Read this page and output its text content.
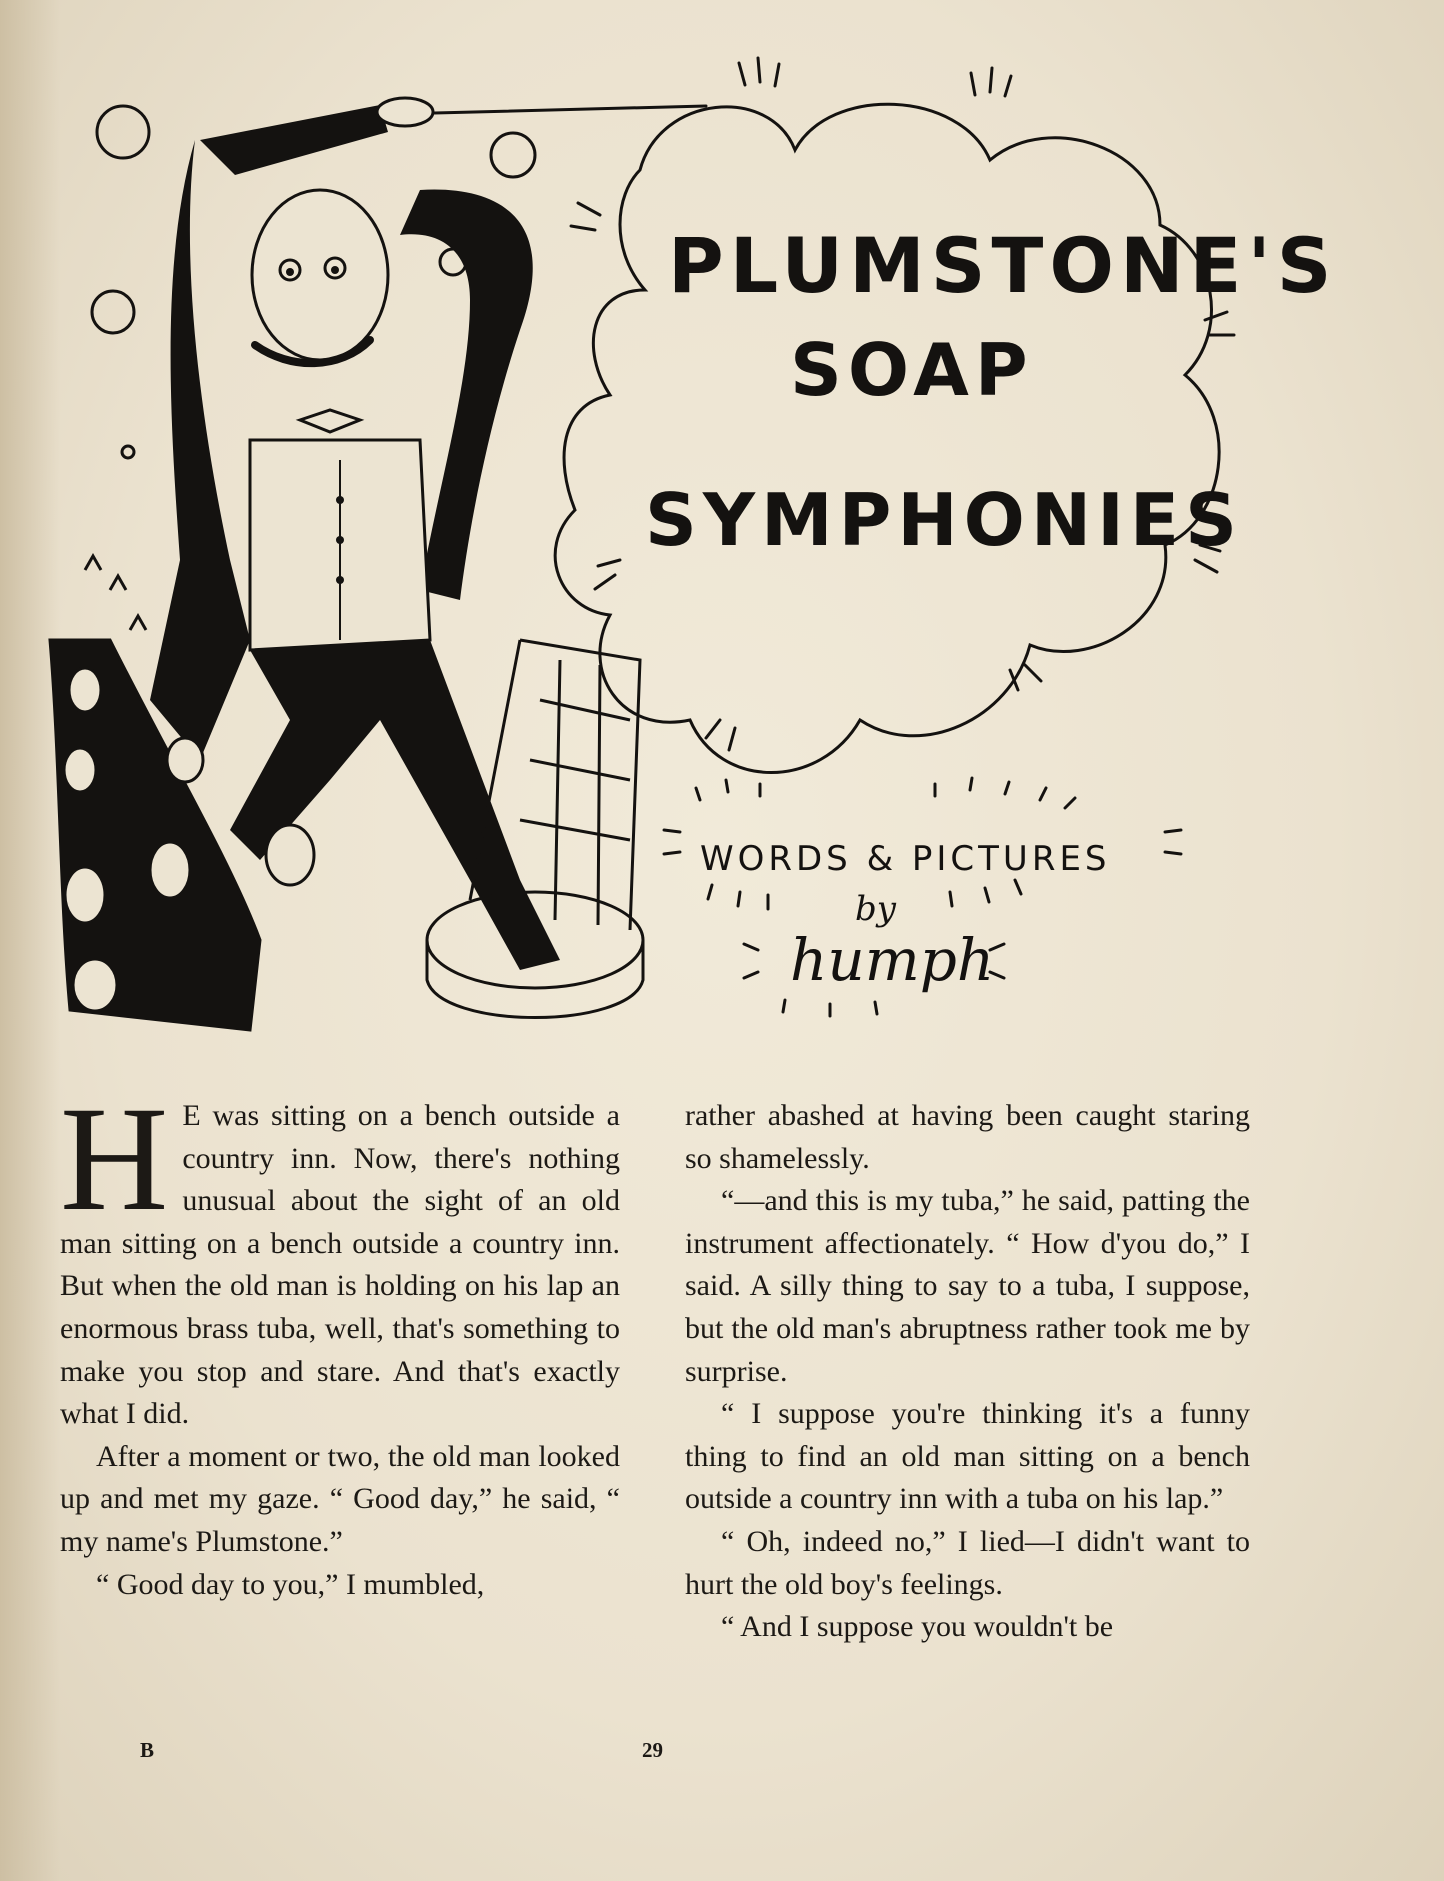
PLUMSTONE'S
SOAP
SYMPHONIES
WORDS & PICTURES
by
humph
H E was sitting on a bench outside a country inn. Now, there's nothing unusual about the sight of an old man sitting on a bench outside a country inn. But when the old man is holding on his lap an enormous brass tuba, well, that's something to make you stop and stare. And that's exactly what I did.

After a moment or two, the old man looked up and met my gaze. “ Good day,” he said, “ my name's Plumstone.”

“ Good day to you,” I mumbled,

rather abashed at having been caught staring so shamelessly.

“—and this is my tuba,” he said, patting the instrument affectionately. “ How d'you do,” I said. A silly thing to say to a tuba, I suppose, but the old man's abruptness rather took me by surprise.

“ I suppose you're thinking it's a funny thing to find an old man sitting on a bench outside a country inn with a tuba on his lap.”

“ Oh, indeed no,” I lied—I didn't want to hurt the old boy's feelings.

“ And I suppose you wouldn't be

B	29
